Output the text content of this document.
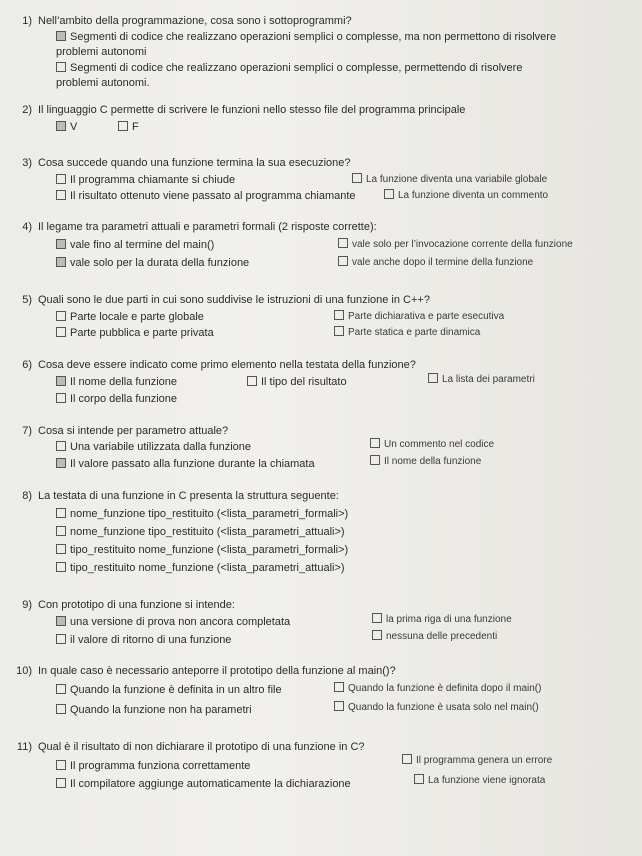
1) Nell’ambito della programmazione, cosa sono i sottoprogrammi?
Segmenti di codice che realizzano operazioni semplici o complesse, ma non permettono di risolvere
problemi autonomi
Segmenti di codice che realizzano operazioni semplici o complesse, permettendo di risolvere
problemi autonomi.
2) Il linguaggio C permette di scrivere le funzioni nello stesso file del programma principale
V	F
3) Cosa succede quando una funzione termina la sua esecuzione?
Il programma chiamante si chiude	La funzione diventa una variabile globale
Il risultato ottenuto viene passato al programma chiamante	La funzione diventa un commento
4) Il legame tra parametri attuali e parametri formali (2 risposte corrette):
vale fino al termine del main()	vale solo per l’invocazione corrente della funzione
vale solo per la durata della funzione	vale anche dopo il termine della funzione
5) Quali sono le due parti in cui sono suddivise le istruzioni di una funzione in C++?
Parte locale e parte globale	Parte dichiarativa e parte esecutiva
Parte pubblica e parte privata	Parte statica e parte dinamica
6) Cosa deve essere indicato come primo elemento nella testata della funzione?
Il nome della funzione	Il tipo del risultato	La lista dei parametri
Il corpo della funzione
7) Cosa si intende per parametro attuale?
Una variabile utilizzata dalla funzione	Un commento nel codice
Il valore passato alla funzione durante la chiamata	Il nome della funzione
8) La testata di una funzione in C presenta la struttura seguente:
nome_funzione tipo_restituito (<lista_parametri_formali>)
nome_funzione tipo_restituito (<lista_parametri_attuali>)
tipo_restituito nome_funzione (<lista_parametri_formali>)
tipo_restituito nome_funzione (<lista_parametri_attuali>)
9) Con prototipo di una funzione si intende:
una versione di prova non ancora completata	la prima riga di una funzione
il valore di ritorno di una funzione	nessuna delle precedenti
10) In quale caso è necessario anteporre il prototipo della funzione al main()?
Quando la funzione è definita in un altro file	Quando la funzione è definita dopo il main()
Quando la funzione non ha parametri	Quando la funzione è usata solo nel main()
11) Qual è il risultato di non dichiarare il prototipo di una funzione in C?
Il programma funziona correttamente	Il programma genera un errore
Il compilatore aggiunge automaticamente la dichiarazione	La funzione viene ignorata
